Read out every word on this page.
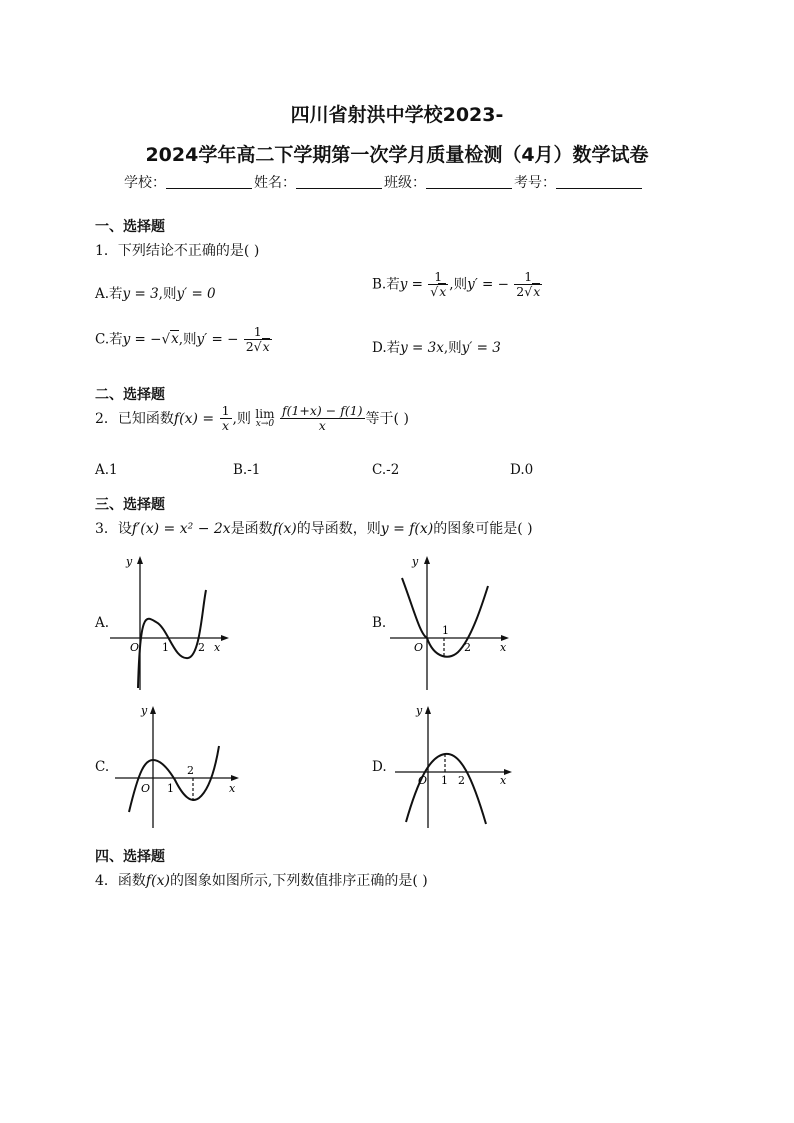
四川省射洪中学校2023-
2024学年高二下学期第一次学月质量检测（4月）数学试卷
学校：	姓名：	班级：	考号：
一、选择题
1．下列结论不正确的是( )
A.若y = 3,则y′ = 0
B.若$y = \frac{1}{√x}$ ,则y′ = − $\frac{1}{2√x}$
C.若y = −√x,则y′ = − $\frac{1}{2√x}$	D.若y = 3x,则y′ = 3
二、选择题
2．已知函数$f(x) = \frac{1}{x}$ ,则 lim
x→0
$\frac{f(1+x) - f(1)}{x}$ 等于( )
A.1	B.-1	C.-2	D.0
三、选择题
3．设f′(x) = x² − 2x是函数f(x)的导函数，则y = f(x)的图象可能是( )
A.	B.
C.	D.
y
O 1	2 x
y
O
1
2	x
y
O 1
2
x
y
O 1 2	x
四、选择题
4．函数f(x)的图象如图所示,下列数值排序正确的是( )
